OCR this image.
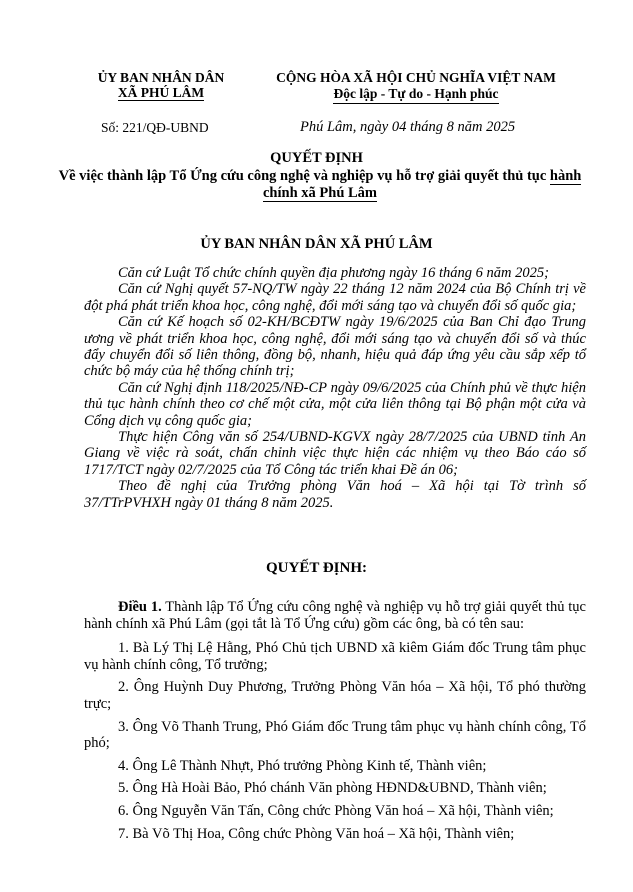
ỦY BAN NHÂN DÂN
XÃ PHÚ LÂM
CỘNG HÒA XÃ HỘI CHỦ NGHĨA VIỆT NAM
Độc lập - Tự do - Hạnh phúc
Số: 221/QĐ-UBND	Phú Lâm, ngày 04 tháng 8 năm 2025
QUYẾT ĐỊNH
Về việc thành lập Tổ Ứng cứu công nghệ và nghiệp vụ hỗ trợ giải quyết thủ tục hành chính xã Phú Lâm
ỦY BAN NHÂN DÂN XÃ PHÚ LÂM

Căn cứ Luật Tổ chức chính quyền địa phương ngày 16 tháng 6 năm 2025;

Căn cứ Nghị quyết 57-NQ/TW ngày 22 tháng 12 năm 2024 của Bộ Chính trị về đột phá phát triển khoa học, công nghệ, đổi mới sáng tạo và chuyển đổi số quốc gia;

Căn cứ Kế hoạch số 02-KH/BCĐTW ngày 19/6/2025 của Ban Chỉ đạo Trung ương về phát triển khoa học, công nghệ, đổi mới sáng tạo và chuyển đổi số và thúc đẩy chuyển đổi số liên thông, đồng bộ, nhanh, hiệu quả đáp ứng yêu cầu sắp xếp tổ chức bộ máy của hệ thống chính trị;

Căn cứ Nghị định 118/2025/NĐ-CP ngày 09/6/2025 của Chính phủ về thực hiện thủ tục hành chính theo cơ chế một cửa, một cửa liên thông tại Bộ phận một cửa và Cổng dịch vụ công quốc gia;

Thực hiện Công văn số 254/UBND-KGVX ngày 28/7/2025 của UBND tỉnh An Giang về việc rà soát, chấn chỉnh việc thực hiện các nhiệm vụ theo Báo cáo số 1717/TCT ngày 02/7/2025 của Tổ Công tác triển khai Đề án 06;

Theo đề nghị của Trưởng phòng Văn hoá – Xã hội tại Tờ trình số 37/TTrPVHXH ngày 01 tháng 8 năm 2025.

QUYẾT ĐỊNH:

Điều 1. Thành lập Tổ Ứng cứu công nghệ và nghiệp vụ hỗ trợ giải quyết thủ tục hành chính xã Phú Lâm (gọi tắt là Tổ Ứng cứu) gồm các ông, bà có tên sau:

1. Bà Lý Thị Lệ Hằng, Phó Chủ tịch UBND xã kiêm Giám đốc Trung tâm phục vụ hành chính công, Tổ trưởng;

2. Ông Huỳnh Duy Phương, Trưởng Phòng Văn hóa – Xã hội, Tổ phó thường trực;

3. Ông Võ Thanh Trung, Phó Giám đốc Trung tâm phục vụ hành chính công, Tổ phó;

4. Ông Lê Thành Nhựt, Phó trưởng Phòng Kinh tế, Thành viên;

5. Ông Hà Hoài Bảo, Phó chánh Văn phòng HĐND&UBND, Thành viên;

6. Ông Nguyễn Văn Tấn, Công chức Phòng Văn hoá – Xã hội, Thành viên;

7. Bà Võ Thị Hoa, Công chức Phòng Văn hoá – Xã hội, Thành viên;
